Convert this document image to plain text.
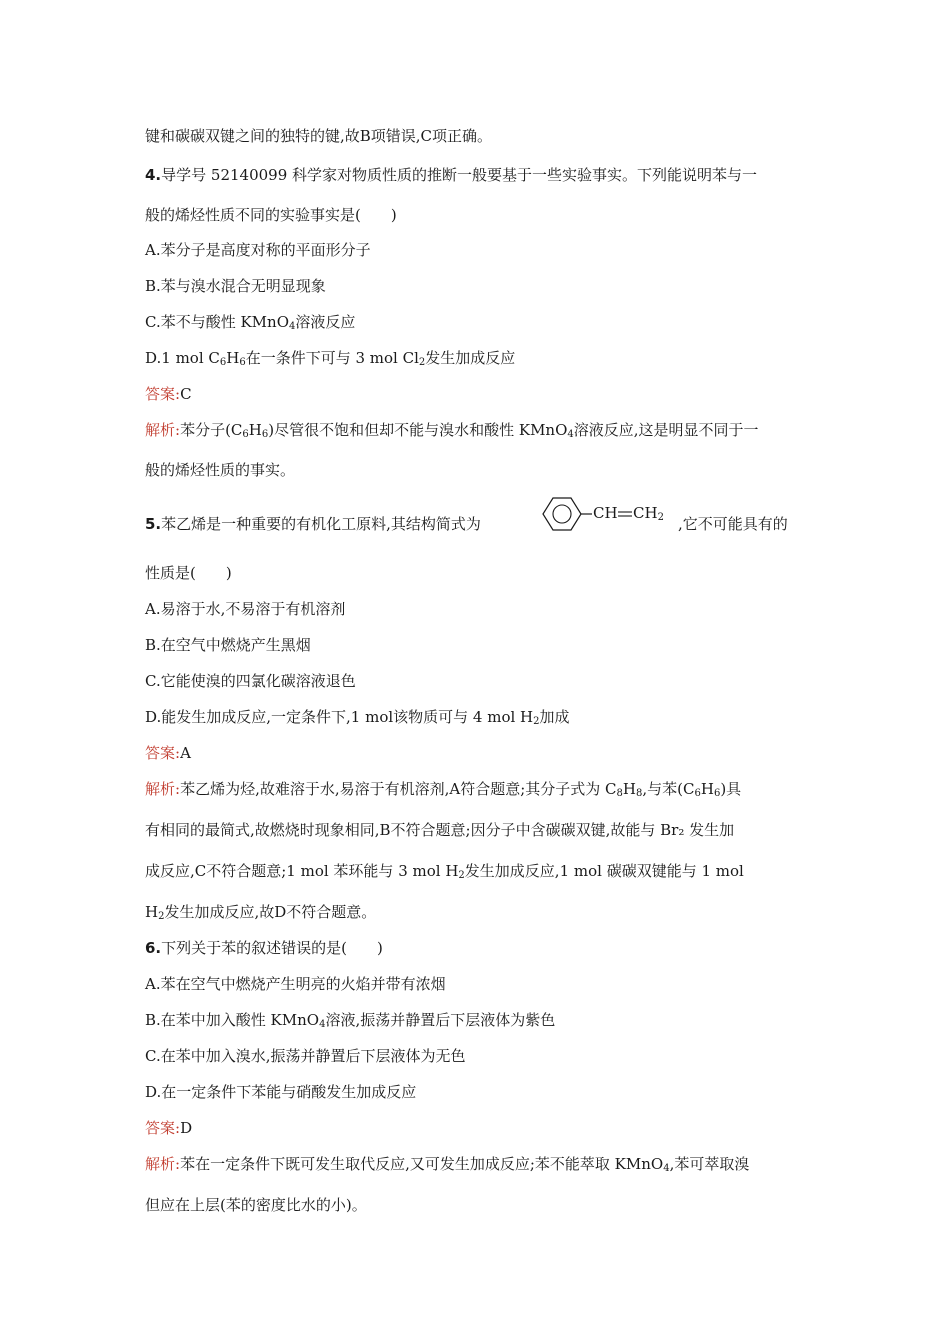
键和碳碳双键之间的独特的键,故B项错误,C项正确。
4.导学号 52140099 科学家对物质性质的推断一般要基于一些实验事实。下列能说明苯与一
般的烯烃性质不同的实验事实是(　　)
A.苯分子是高度对称的平面形分子
B.苯与溴水混合无明显现象
C.苯不与酸性 KMnO$_4$溶液反应
D.1 mol $C_6H_6$在一条件下可与 3 mol $Cl_2$发生加成反应
答案:C
解析:苯分子$(C_6H_6)$尽管很不饱和但却不能与溴水和酸性 KMnO$_4$溶液反应,这是明显不同于一
般的烯烃性质的事实。
5.苯乙烯是一种重要的有机化工原料,其结构简式为
CH $CH_2$ ,它不可能具有的
性质是(　　)
A.易溶于水,不易溶于有机溶剂
B.在空气中燃烧产生黑烟
C.它能使溴的四氯化碳溶液退色
D.能发生加成反应,一定条件下,1 mol该物质可与 4 mol $H_2$加成
答案:A
解析:苯乙烯为烃,故难溶于水,易溶于有机溶剂,A符合题意;其分子式为 $C_8H_8$,与苯$(C_6H_6)$具
有相同的最简式,故燃烧时现象相同,B不符合题意;因分子中含碳碳双键,故能与 Br₂ 发生加
成反应,C不符合题意;1 mol 苯环能与 3 mol $H_2$发生加成反应,1 mol 碳碳双键能与 1 mol
$H_2$发生加成反应,故D不符合题意。
6.下列关于苯的叙述错误的是(　　)
A.苯在空气中燃烧产生明亮的火焰并带有浓烟
B.在苯中加入酸性 KMnO$_4$溶液,振荡并静置后下层液体为紫色
C.在苯中加入溴水,振荡并静置后下层液体为无色
D.在一定条件下苯能与硝酸发生加成反应
答案:D
解析:苯在一定条件下既可发生取代反应,又可发生加成反应;苯不能萃取 KMnO$_4$,苯可萃取溴
但应在上层(苯的密度比水的小)。
